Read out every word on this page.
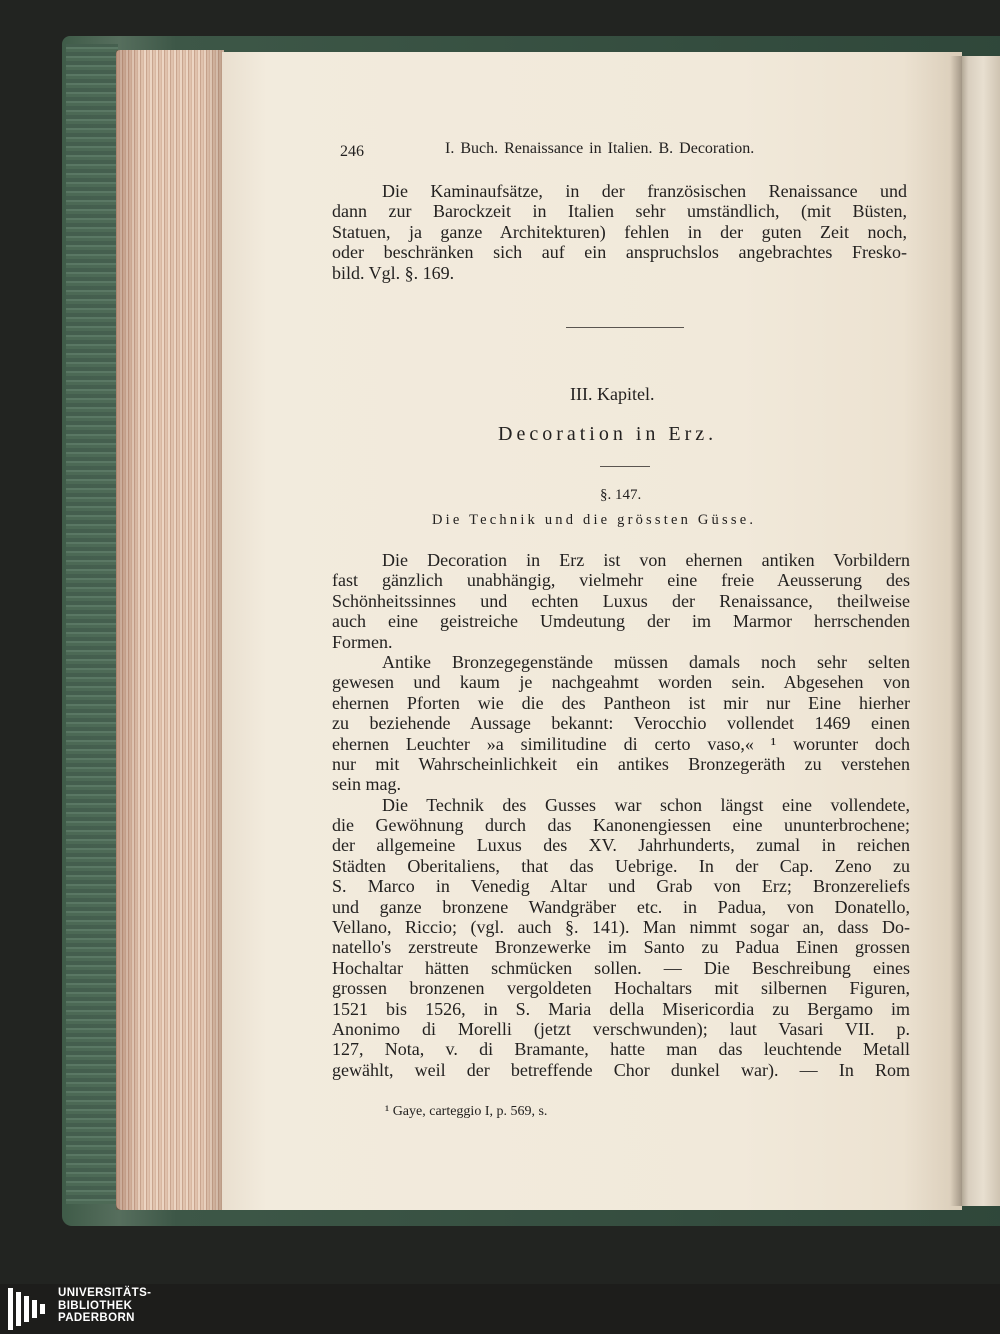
246	I. Buch. Renaissance in Italien. B. Decoration.
Die Kaminaufsätze, in der französischen Renaissance und
dann zur Barockzeit in Italien sehr umständlich, (mit Büsten,
Statuen, ja ganze Architekturen) fehlen in der guten Zeit noch,
oder beschränken sich auf ein anspruchslos angebrachtes Fresko-
bild. Vgl. §. 169.
III. Kapitel.
Decoration in Erz.
§. 147.
Die Technik und die grössten Güsse.
Die Decoration in Erz ist von ehernen antiken Vorbildern
fast gänzlich unabhängig, vielmehr eine freie Aeusserung des
Schönheitssinnes und echten Luxus der Renaissance, theilweise
auch eine geistreiche Umdeutung der im Marmor herrschenden
Formen.
Antike Bronzegegenstände müssen damals noch sehr selten
gewesen und kaum je nachgeahmt worden sein. Abgesehen von
ehernen Pforten wie die des Pantheon ist mir nur Eine hierher
zu beziehende Aussage bekannt: Verocchio vollendet 1469 einen
ehernen Leuchter »a similitudine di certo vaso,« ¹ worunter doch
nur mit Wahrscheinlichkeit ein antikes Bronzegeräth zu verstehen
sein mag.
Die Technik des Gusses war schon längst eine vollendete,
die Gewöhnung durch das Kanonengiessen eine ununterbrochene;
der allgemeine Luxus des XV. Jahrhunderts, zumal in reichen
Städten Oberitaliens, that das Uebrige. In der Cap. Zeno zu
S. Marco in Venedig Altar und Grab von Erz; Bronzereliefs
und ganze bronzene Wandgräber etc. in Padua, von Donatello,
Vellano, Riccio; (vgl. auch §. 141). Man nimmt sogar an, dass Do-
natello's zerstreute Bronzewerke im Santo zu Padua Einen grossen
Hochaltar hätten schmücken sollen. — Die Beschreibung eines
grossen bronzenen vergoldeten Hochaltars mit silbernen Figuren,
1521 bis 1526, in S. Maria della Misericordia zu Bergamo im
Anonimo di Morelli (jetzt verschwunden); laut Vasari VII. p.
127, Nota, v. di Bramante, hatte man das leuchtende Metall
gewählt, weil der betreffende Chor dunkel war). — In Rom
¹ Gaye, carteggio I, p. 569, s.
UNIVERSITÄTS-
BIBLIOTHEK
PADERBORN
